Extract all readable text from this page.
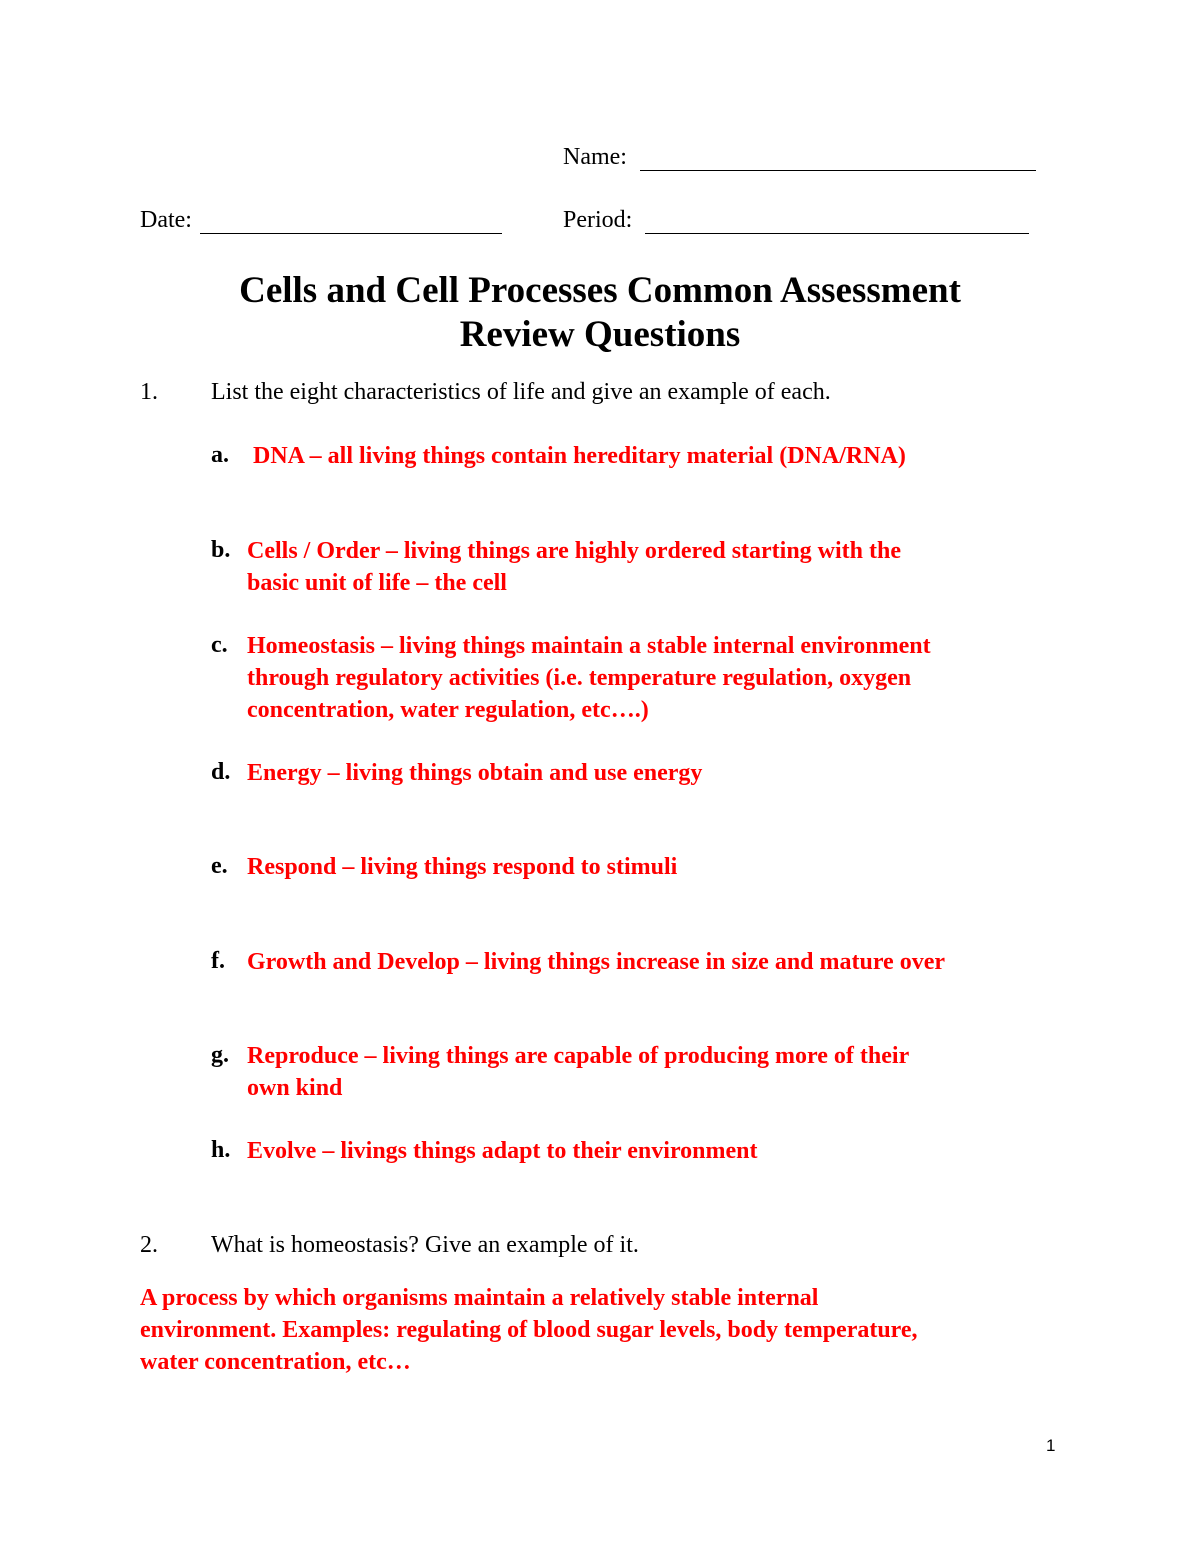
Name:
Date:	Period:
Cells and Cell Processes Common Assessment
Review Questions
1. List the eight characteristics of life and give an example of each.
a. DNA – all living things contain hereditary material (DNA/RNA)
b. Cells / Order – living things are highly ordered starting with the
basic unit of life – the cell
c. Homeostasis – living things maintain a stable internal environment
through regulatory activities (i.e. temperature regulation, oxygen
concentration, water regulation, etc….)
d. Energy – living things obtain and use energy
e. Respond – living things respond to stimuli
f. Growth and Develop – living things increase in size and mature over
g. Reproduce – living things are capable of producing more of their
own kind
h. Evolve – livings things adapt to their environment
2. What is homeostasis? Give an example of it.
A process by which organisms maintain a relatively stable internal
environment. Examples: regulating of blood sugar levels, body temperature,
water concentration, etc…
1
